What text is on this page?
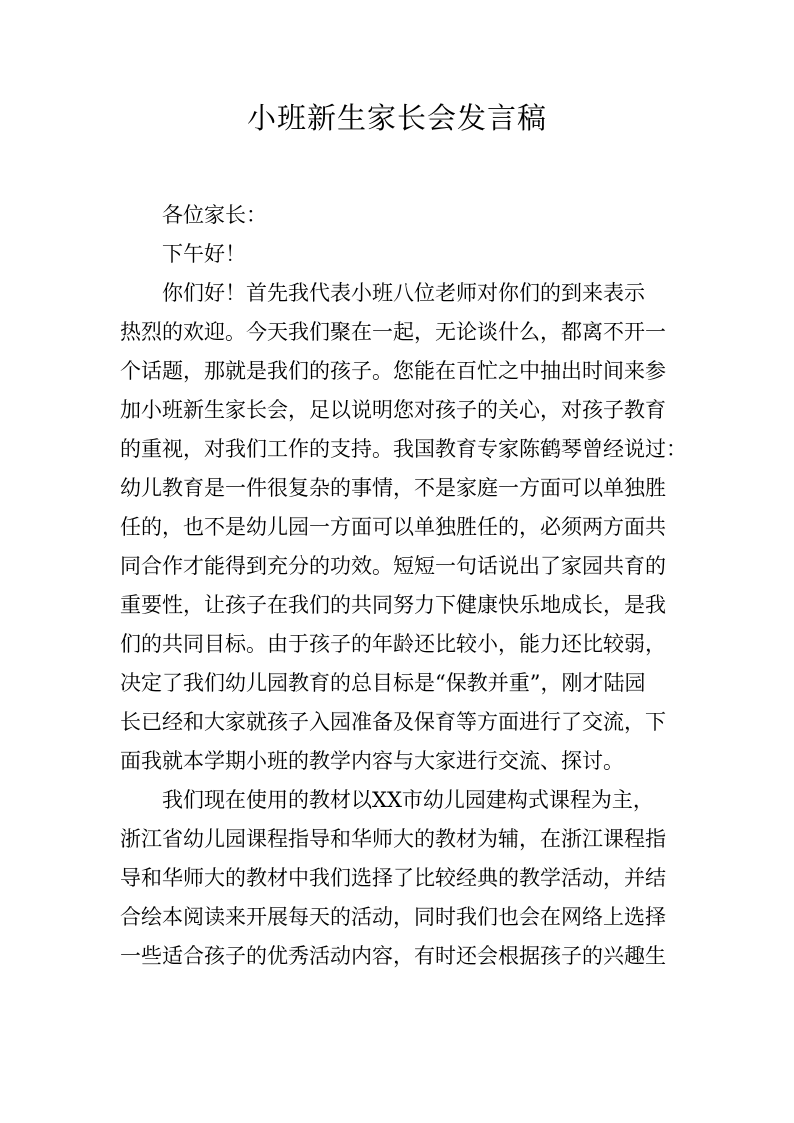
小班新生家长会发言稿
各位家长：
下午好！
你们好！首先我代表小班八位老师对你们的到来表示
热烈的欢迎。今天我们聚在一起，无论谈什么，都离不开一
个话题，那就是我们的孩子。您能在百忙之中抽出时间来参
加小班新生家长会，足以说明您对孩子的关心，对孩子教育
的重视，对我们工作的支持。我国教育专家陈鹤琴曾经说过：
幼儿教育是一件很复杂的事情，不是家庭一方面可以单独胜
任的，也不是幼儿园一方面可以单独胜任的，必须两方面共
同合作才能得到充分的功效。短短一句话说出了家园共育的
重要性，让孩子在我们的共同努力下健康快乐地成长，是我
们的共同目标。由于孩子的年龄还比较小，能力还比较弱，
决定了我们幼儿园教育的总目标是“保教并重”，刚才陆园
长已经和大家就孩子入园准备及保育等方面进行了交流，下
面我就本学期小班的教学内容与大家进行交流、探讨。
我们现在使用的教材以XX市幼儿园建构式课程为主，
浙江省幼儿园课程指导和华师大的教材为辅，在浙江课程指
导和华师大的教材中我们选择了比较经典的教学活动，并结
合绘本阅读来开展每天的活动，同时我们也会在网络上选择
一些适合孩子的优秀活动内容，有时还会根据孩子的兴趣生
